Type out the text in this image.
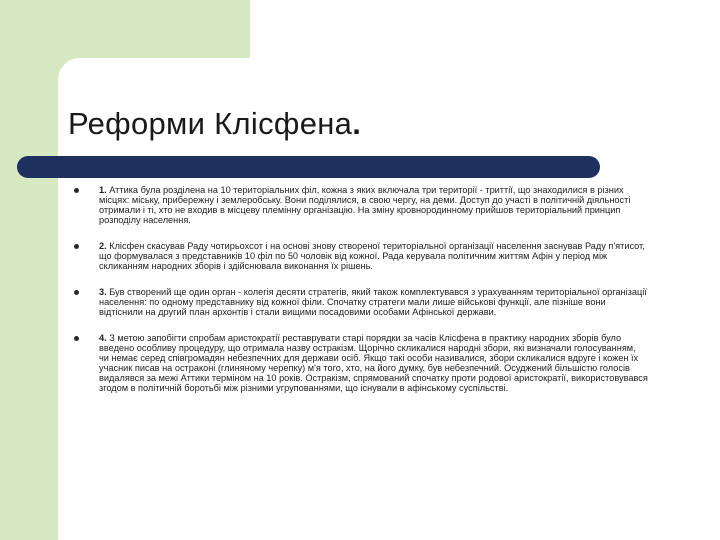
Реформи Клісфена.
1. Аттика була розділена на 10 територіальних філ, кожна з яких включала три території - триттії, що знаходилися в різних місцях: міську, прибережну і землеробську. Вони поділялися, в свою чергу, на деми. Доступ до участі в політичній діяльності отримали і ті, хто не входив в місцеву племінну організацію. На зміну кровнородинному прийшов територіальний принцип розподілу населення.
2. Клісфен скасував Раду чотирьохсот і на основі знову створеної територіальної організації населення заснував Раду п'ятисот, що формувалася з представників 10 філ по 50 чоловік від кожної. Рада керувала політичним життям Афін у період між скликанням народних зборів і здійснювала виконання їх рішень.
3. Був створений ще один орган - колегія десяти стратегів, який також комплектувався з урахуванням територіальної організації населення: по одному представнику від кожної філи. Спочатку стратеги мали лише військові функції, але пізніше вони відтіснили на другий план архонтів і стали вищими посадовими особами Афінської держави.
4. З метою запобігти спробам аристократії реставрувати старі порядки за часів Клісфена в практику народних зборів було введено особливу процедуру, що отримала назву остракізм. Щорічно скликалися народні збори, які визначали голосуванням, чи немає серед співгромадян небезпечних для держави осіб. Якщо такі особи називалися, збори скликалися вдруге і кожен їх учасник писав на остраконі (глиняному черепку) м'я того, хто, на його думку, був небезпечний. Осуджений більшістю голосів видалявся за межі Аттики терміном на 10 років. Остракізм, спрямований спочатку проти родової аристократії, використовувався згодом в політичній боротьбі між різними угрупованнями, що існували в афінському суспільстві.
